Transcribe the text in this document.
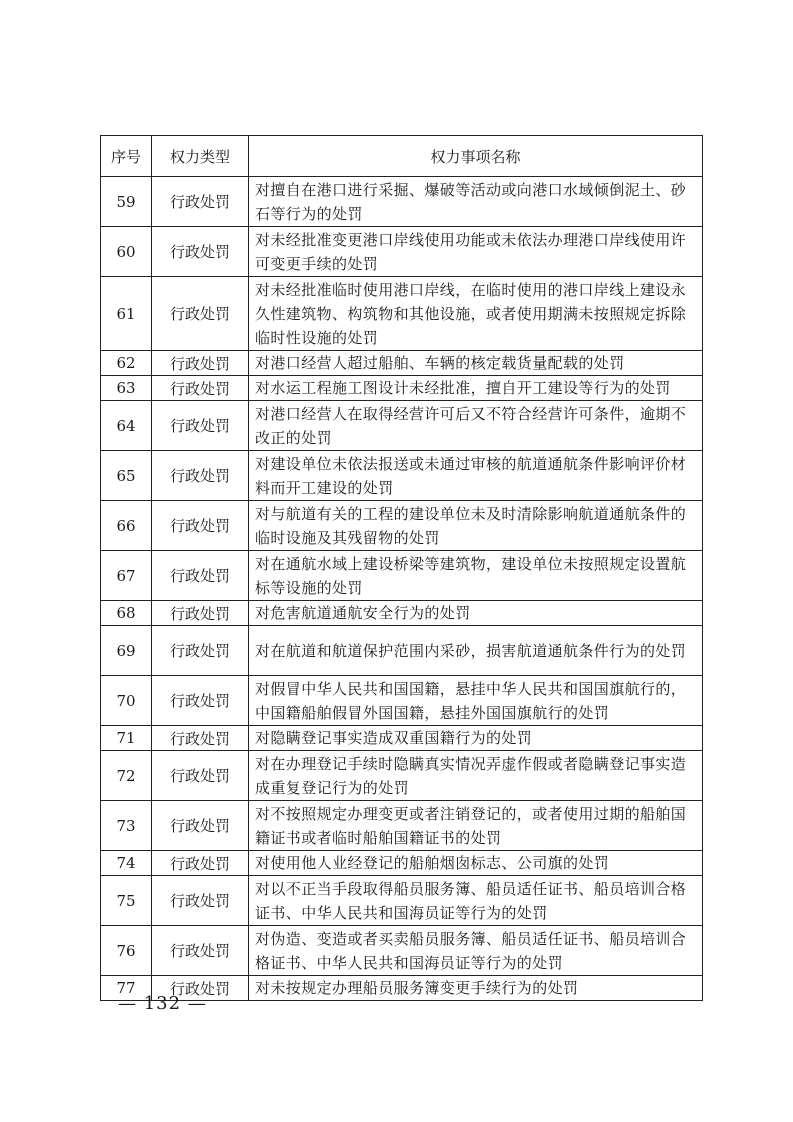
序号	权力类型	权力事项名称
59	行政处罚	对擅自在港口进行采掘、爆破等活动或向港口水域倾倒泥土、砂石等行为的处罚
60	行政处罚	对未经批准变更港口岸线使用功能或未依法办理港口岸线使用许可变更手续的处罚
61	行政处罚	对未经批准临时使用港口岸线，在临时使用的港口岸线上建设永久性建筑物、构筑物和其他设施，或者使用期满未按照规定拆除临时性设施的处罚
62	行政处罚	对港口经营人超过船舶、车辆的核定载货量配载的处罚
63	行政处罚	对水运工程施工图设计未经批准，擅自开工建设等行为的处罚
64	行政处罚	对港口经营人在取得经营许可后又不符合经营许可条件，逾期不改正的处罚
65	行政处罚	对建设单位未依法报送或未通过审核的航道通航条件影响评价材料而开工建设的处罚
66	行政处罚	对与航道有关的工程的建设单位未及时清除影响航道通航条件的临时设施及其残留物的处罚
67	行政处罚	对在通航水域上建设桥梁等建筑物，建设单位未按照规定设置航标等设施的处罚
68	行政处罚	对危害航道通航安全行为的处罚
69	行政处罚	对在航道和航道保护范围内采砂，损害航道通航条件行为的处罚
70	行政处罚	对假冒中华人民共和国国籍，悬挂中华人民共和国国旗航行的，中国籍船舶假冒外国国籍，悬挂外国国旗航行的处罚
71	行政处罚	对隐瞒登记事实造成双重国籍行为的处罚
72	行政处罚	对在办理登记手续时隐瞒真实情况弄虚作假或者隐瞒登记事实造成重复登记行为的处罚
73	行政处罚	对不按照规定办理变更或者注销登记的，或者使用过期的船舶国籍证书或者临时船舶国籍证书的处罚
74	行政处罚	对使用他人业经登记的船舶烟囱标志、公司旗的处罚
75	行政处罚	对以不正当手段取得船员服务簿、船员适任证书、船员培训合格证书、中华人民共和国海员证等行为的处罚
76	行政处罚	对伪造、变造或者买卖船员服务簿、船员适任证书、船员培训合格证书、中华人民共和国海员证等行为的处罚
77	行政处罚	对未按规定办理船员服务簿变更手续行为的处罚
— 132 —
